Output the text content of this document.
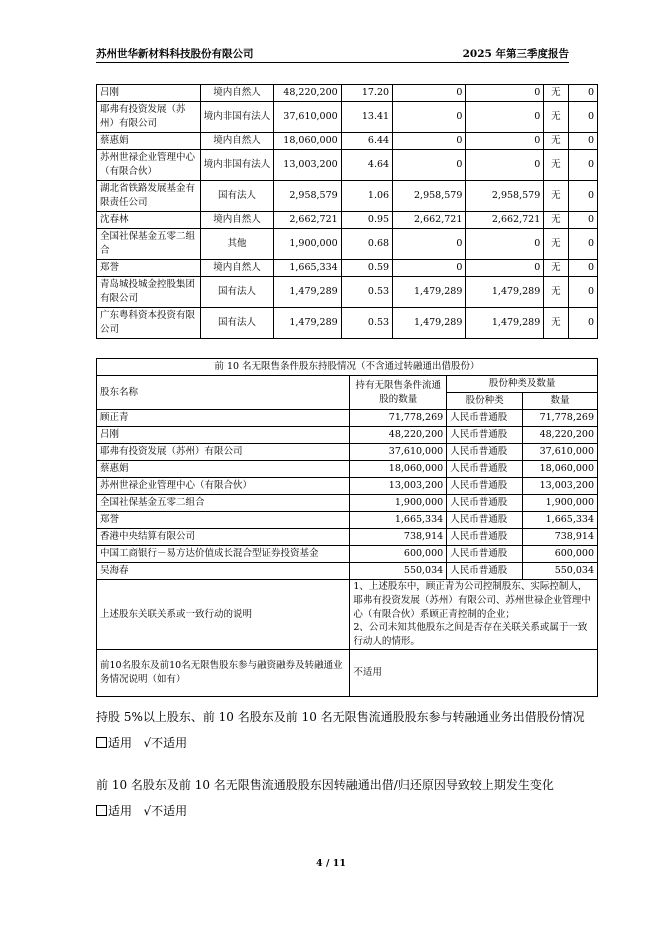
苏州世华新材料科技股份有限公司	2025 年第三季度报告
吕刚	境内自然人	48,220,200	17.20	0	0	无	0
耶弗有投资发展（苏州）有限公司	境内非国有法人	37,610,000	13.41	0	0	无	0
蔡惠娟	境内自然人	18,060,000	6.44	0	0	无	0
苏州世禄企业管理中心（有限合伙）	境内非国有法人	13,003,200	4.64	0	0	无	0
湖北省铁路发展基金有限责任公司	国有法人	2,958,579	1.06	2,958,579	2,958,579	无	0
沈春林	境内自然人	2,662,721	0.95	2,662,721	2,662,721	无	0
全国社保基金五零二组合	其他	1,900,000	0.68	0	0	无	0
郑誉	境内自然人	1,665,334	0.59	0	0	无	0
青岛城投城金控股集团有限公司	国有法人	1,479,289	0.53	1,479,289	1,479,289	无	0
广东粤科资本投资有限公司	国有法人	1,479,289	0.53	1,479,289	1,479,289	无	0
前 10 名无限售条件股东持股情况（不含通过转融通出借股份）			
股东名称	持有无限售条件流通股的数量	股份种类及数量	
		股份种类	数量
顾正青	71,778,269	人民币普通股	71,778,269
吕刚	48,220,200	人民币普通股	48,220,200
耶弗有投资发展（苏州）有限公司	37,610,000	人民币普通股	37,610,000
蔡惠娟	18,060,000	人民币普通股	18,060,000
苏州世禄企业管理中心（有限合伙）	13,003,200	人民币普通股	13,003,200
全国社保基金五零二组合	1,900,000	人民币普通股	1,900,000
郑誉	1,665,334	人民币普通股	1,665,334
香港中央结算有限公司	738,914	人民币普通股	738,914
中国工商银行－易方达价值成长混合型证券投资基金	600,000	人民币普通股	600,000
吴海春	550,034	人民币普通股	550,034
上述股东关联关系或一致行动的说明	1、上述股东中，顾正青为公司控制股东、实际控制人，耶弗有投资发展（苏州）有限公司、苏州世禄企业管理中心（有限合伙）系顾正青控制的企业；
2、公司未知其他股东之间是否存在关联关系或属于一致行动人的情形。		

前10名股东及前10名无限售股东参与融资融券及转融通业务情况说明（如有）	不适用		
持股 5%以上股东、前 10 名股东及前 10 名无限售流通股股东参与转融通业务出借股份情况
适用 √不适用
前 10 名股东及前 10 名无限售流通股股东因转融通出借/归还原因导致较上期发生变化
适用 √不适用
4 / 11
